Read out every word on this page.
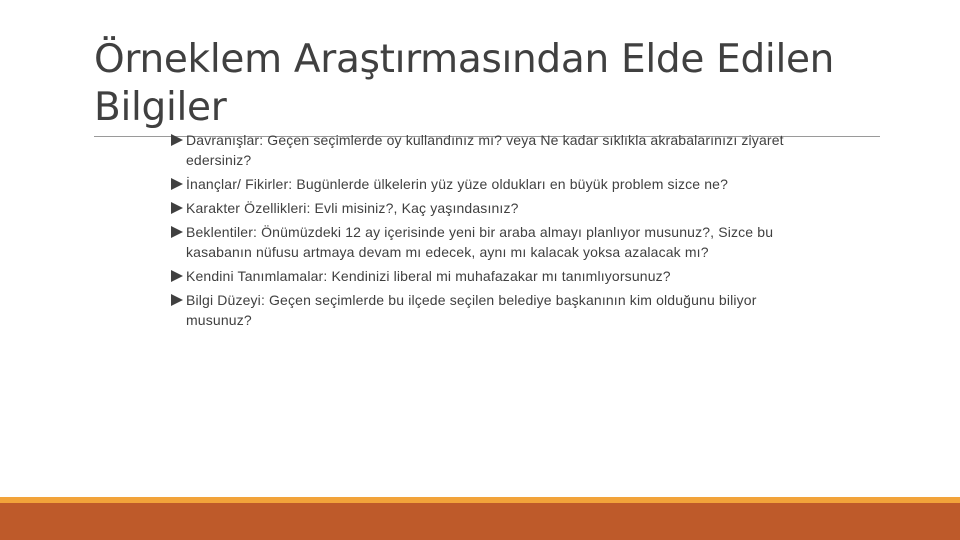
Örneklem Araştırmasından Elde Edilen Bilgiler
Davranışlar: Geçen seçimlerde oy kullandınız mı? veya Ne kadar sıklıkla akrabalarınızı ziyaret edersiniz?
İnançlar/ Fikirler: Bugünlerde ülkelerin yüz yüze oldukları en büyük problem sizce ne?
Karakter Özellikleri: Evli misiniz?, Kaç yaşındasınız?
Beklentiler: Önümüzdeki 12 ay içerisinde yeni bir araba almayı planlıyor musunuz?, Sizce bu kasabanın nüfusu artmaya devam mı edecek, aynı mı kalacak yoksa azalacak mı?
Kendini Tanımlamalar: Kendinizi liberal mi muhafazakar mı tanımlıyorsunuz?
Bilgi Düzeyi: Geçen seçimlerde bu ilçede seçilen belediye başkanının kim olduğunu biliyor musunuz?
